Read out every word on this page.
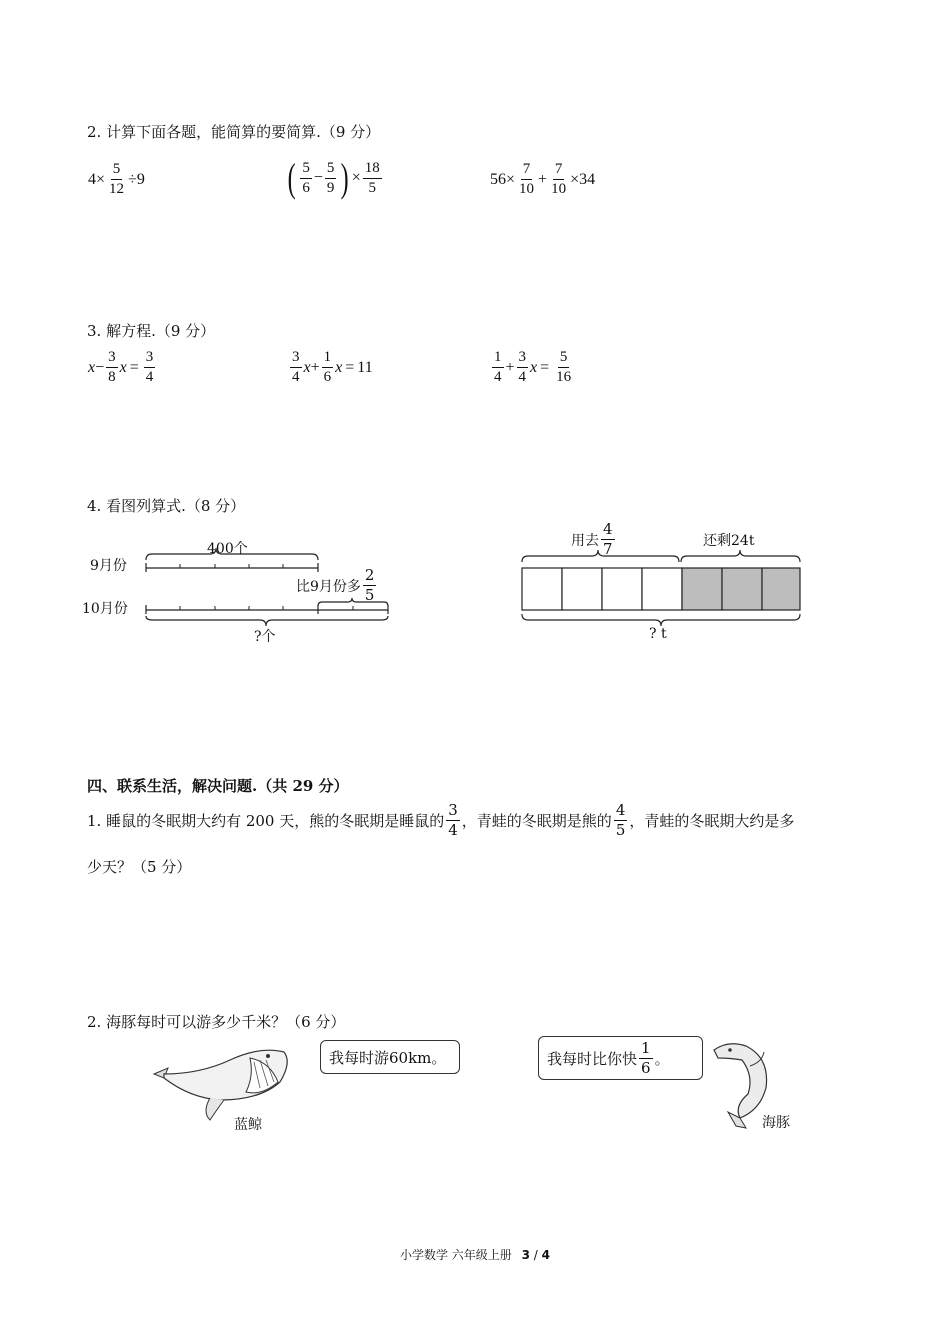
2. 计算下面各题，能简算的要简算.（9 分）
$4 \times \frac{5}{12} \div 9$	( $\frac{5}{6} - \frac{5}{9}$ ) × $\frac{18}{5}$	$56 \times \frac{7}{10} + \frac{7}{10} \times 34$
3. 解方程.（9 分）
$x - \frac{3}{8}$ $x = \frac{3}{4}$	$\frac{3}{4}$ $x + \frac{1}{6}$ x = 11	$\frac{1}{4} + \frac{3}{4}$ $x = \frac{5}{16}$
4. 看图列算式.（8 分）
400个
9月份
10月份
比9月份多 $\frac{2}{5}$
?个
用去 $\frac{4}{7}$	还剩24t
? t
四、联系生活，解决问题.（共 29 分）
1. 睡鼠的冬眠期大约有 200 天，熊的冬眠期是睡鼠的 $\frac{3}{4}$ ，青蛙的冬眠期是熊的 $\frac{4}{5}$ ，青蛙的冬眠期大约是多
少天？（5 分）
2. 海豚每时可以游多少千米？（6 分）
蓝鲸
我每时游60km。	我每时比你快 $\frac{1}{6}$ 。
海豚
小学数学 六年级上册 3 / 4
